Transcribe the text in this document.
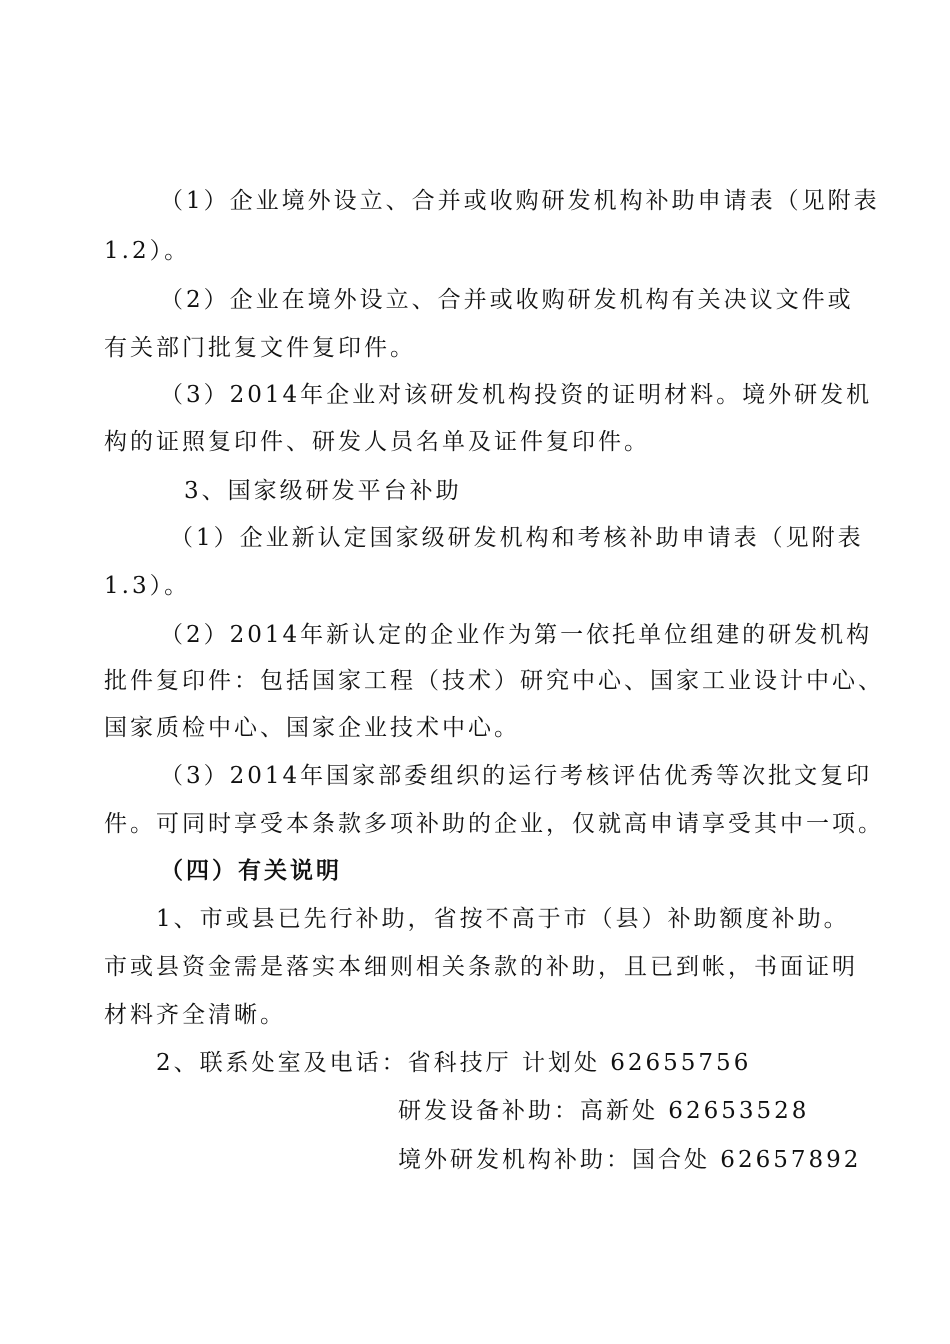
（1）企业境外设立、合并或收购研发机构补助申请表（见附表
1.2）。
（2）企业在境外设立、合并或收购研发机构有关决议文件或
有关部门批复文件复印件。
（3）2014年企业对该研发机构投资的证明材料。境外研发机
构的证照复印件、研发人员名单及证件复印件。
3、国家级研发平台补助
（1）企业新认定国家级研发机构和考核补助申请表（见附表
1.3）。
（2）2014年新认定的企业作为第一依托单位组建的研发机构
批件复印件：包括国家工程（技术）研究中心、国家工业设计中心、
国家质检中心、国家企业技术中心。
（3）2014年国家部委组织的运行考核评估优秀等次批文复印
件。可同时享受本条款多项补助的企业，仅就高申请享受其中一项。
（四）有关说明
1、市或县已先行补助，省按不高于市（县）补助额度补助。
市或县资金需是落实本细则相关条款的补助，且已到帐，书面证明
材料齐全清晰。
2、联系处室及电话：省科技厅 计划处 62655756
研发设备补助：高新处 62653528
境外研发机构补助：国合处 62657892
